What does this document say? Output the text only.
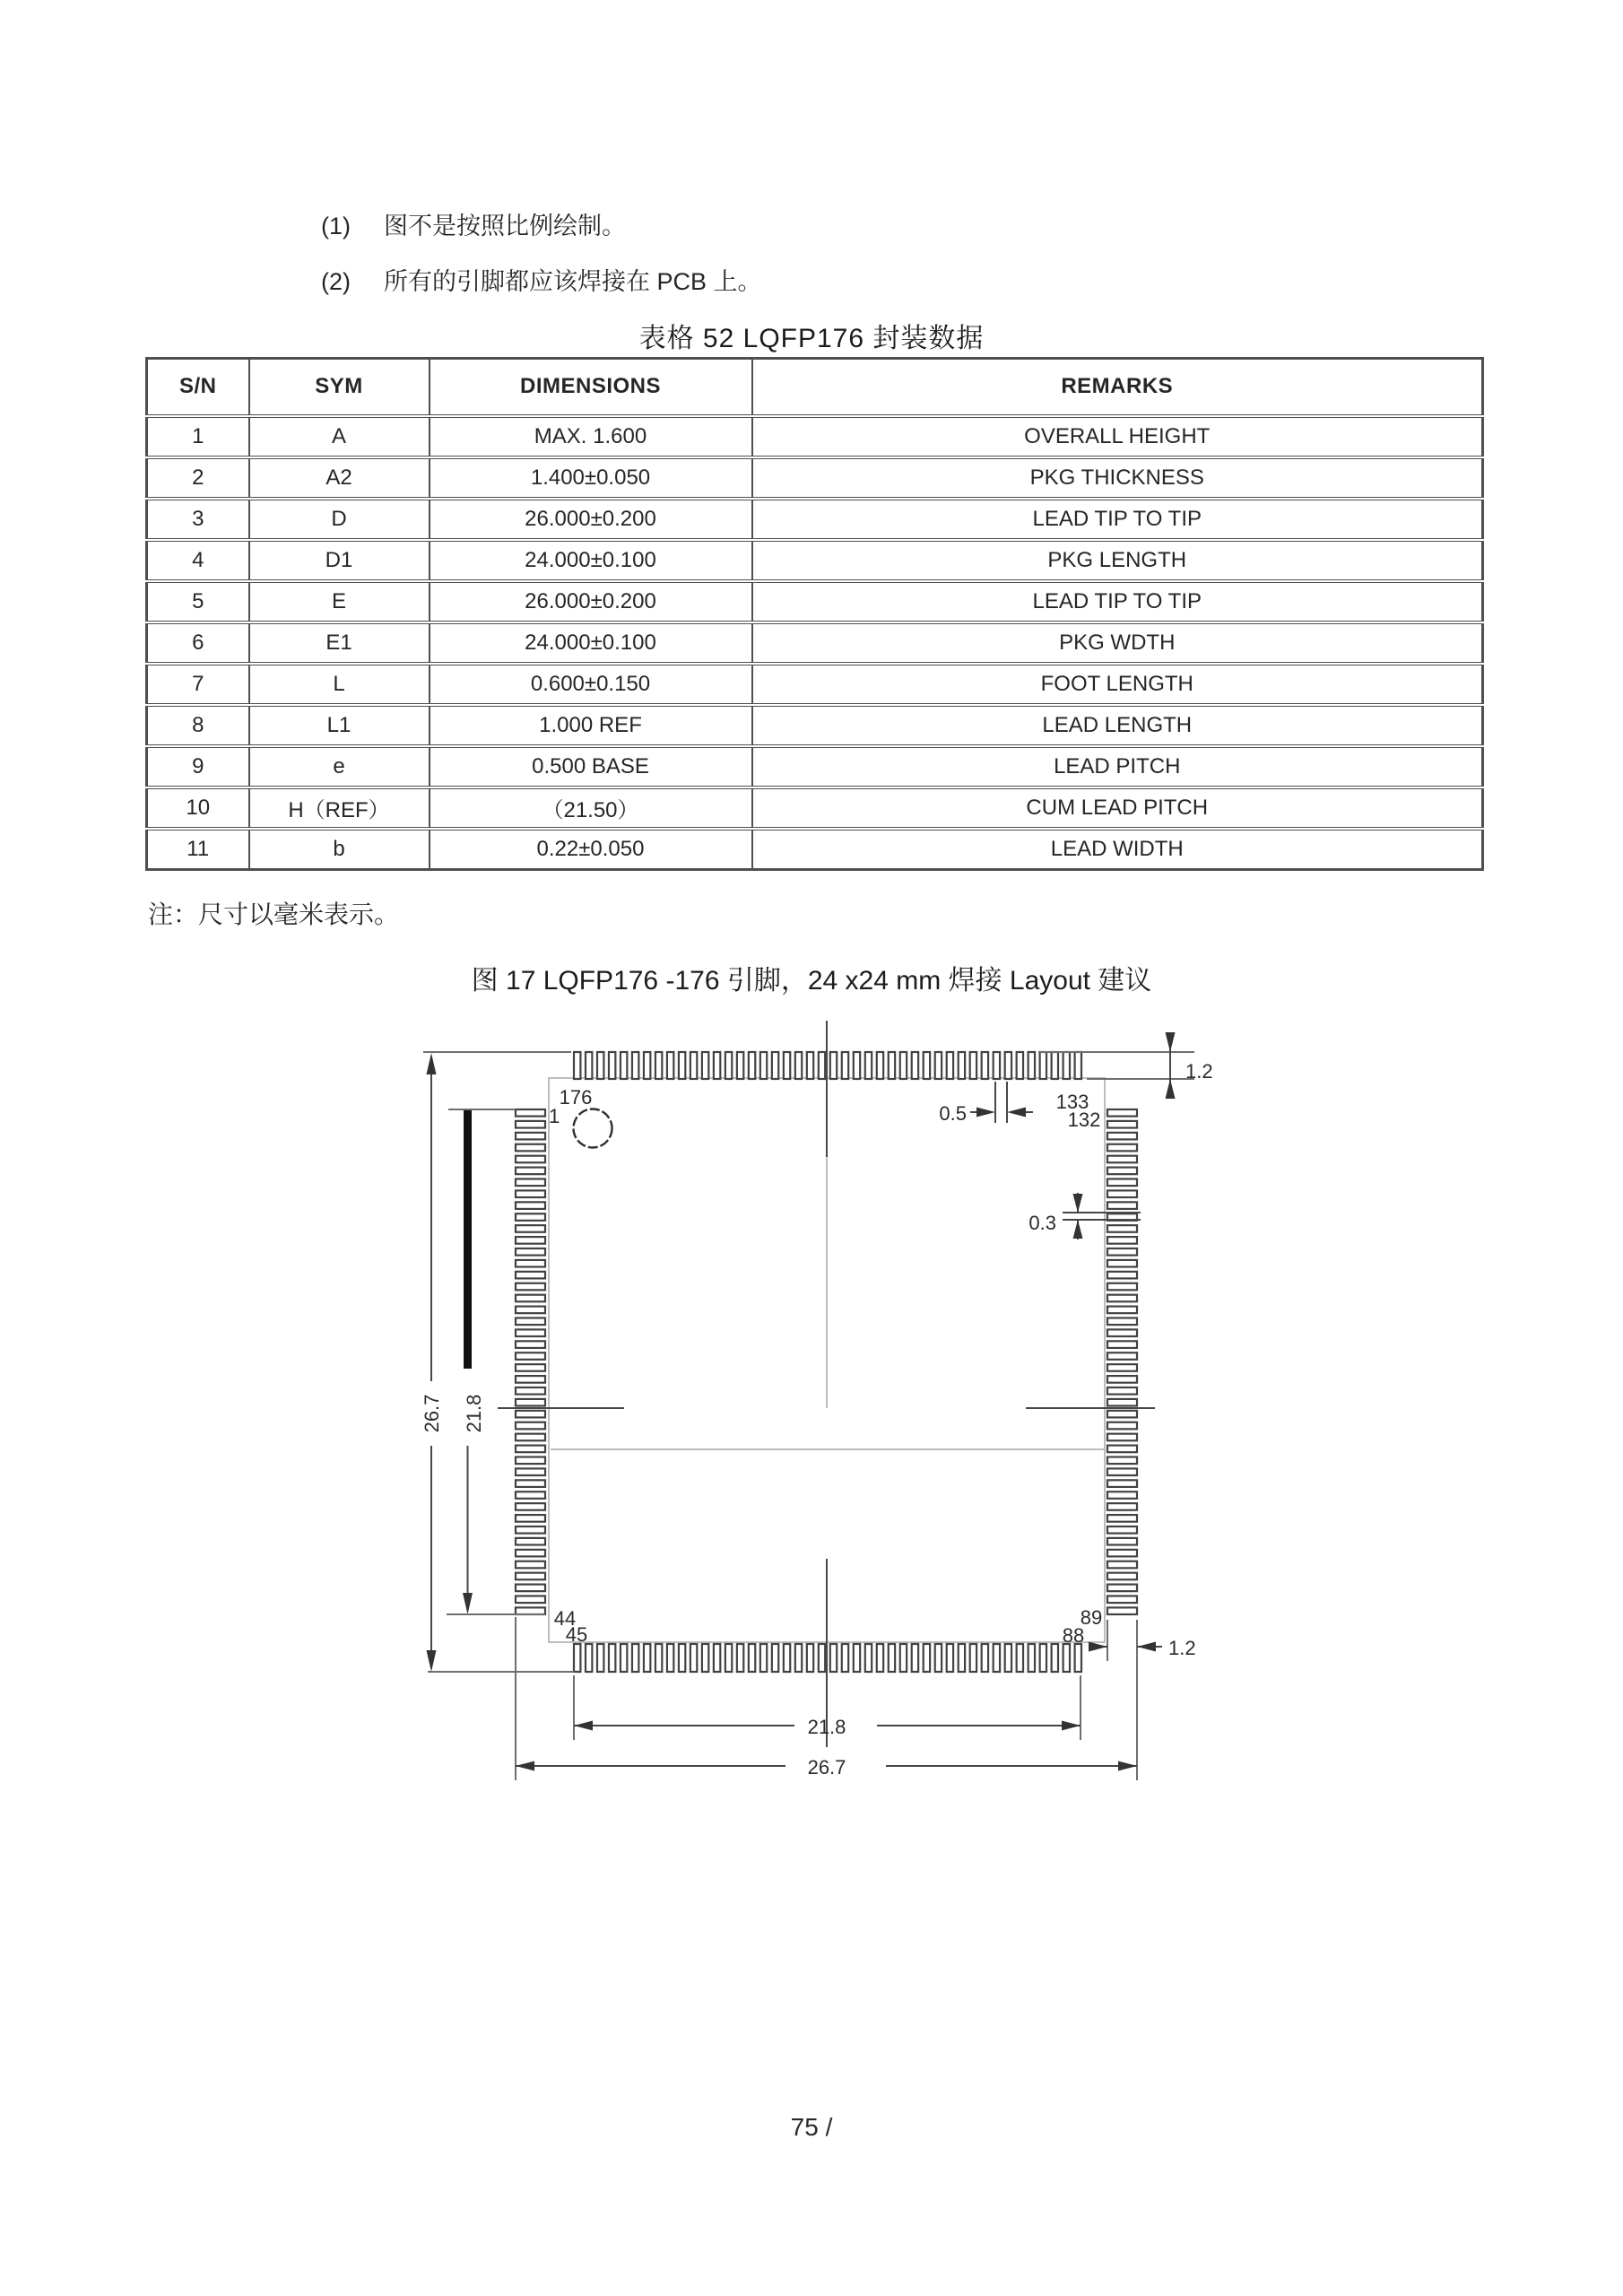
(1) 图不是按照比例绘制。
(2) 所有的引脚都应该焊接在 PCB 上。
表格 52 LQFP176 封装数据
S/N	SYM	DIMENSIONS	REMARKS
1	A	MAX. 1.600	OVERALL HEIGHT
2	A2	1.400±0.050	PKG THICKNESS
3	D	26.000±0.200	LEAD TIP TO TIP
4	D1	24.000±0.100	PKG LENGTH
5	E	26.000±0.200	LEAD TIP TO TIP
6	E1	24.000±0.100	PKG WDTH
7	L	0.600±0.150	FOOT LENGTH
8	L1	1.000 REF	LEAD LENGTH
9	e	0.500 BASE	LEAD PITCH
10	H（REF）	（21.50）	CUM LEAD PITCH
11	b	0.22±0.050	LEAD WIDTH
注：尺寸以毫米表示。
图 17 LQFP176 -176 引脚，24 x24 mm 焊接 Layout 建议
26.7 21.8
1.2
0.5
0.3
1.2
21.8
26.7
176
1
133
132
44
45
89
88
75 /
